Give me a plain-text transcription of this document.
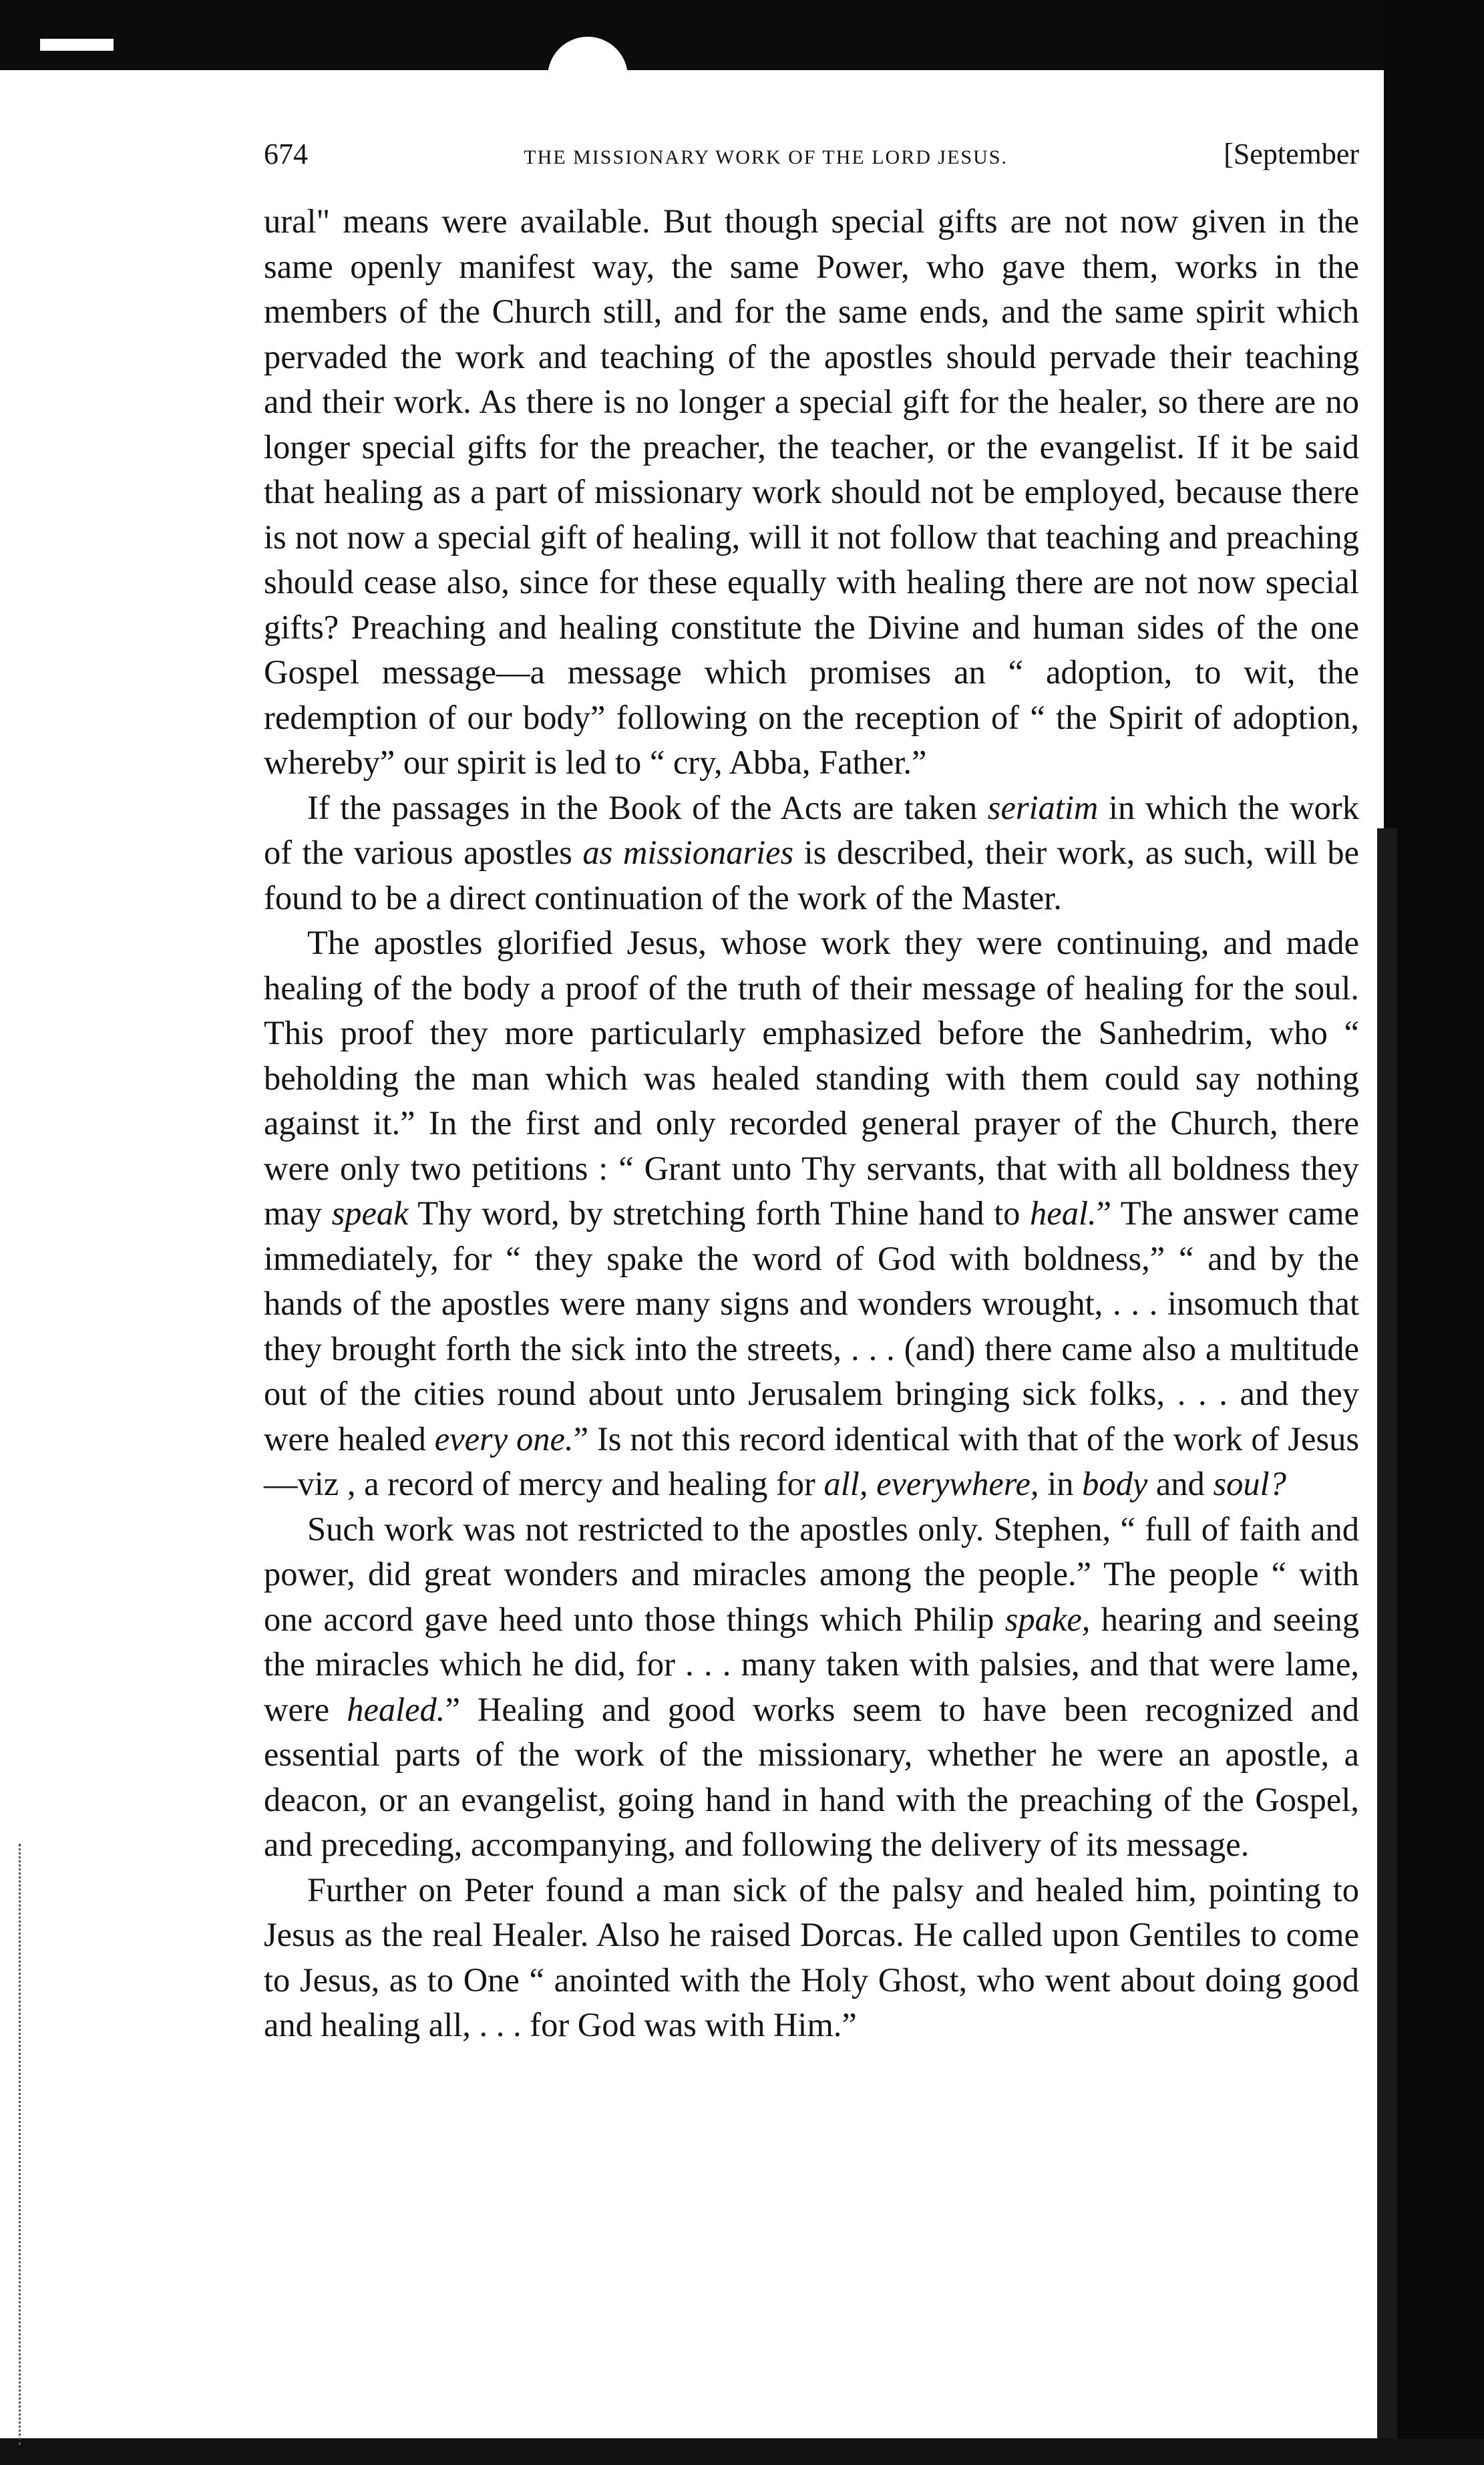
674	THE MISSIONARY WORK OF THE LORD JESUS.	[September

ural" means were available. But though special gifts are not now given in the same openly manifest way, the same Power, who gave them, works in the members of the Church still, and for the same ends, and the same spirit which pervaded the work and teaching of the apostles should pervade their teaching and their work. As there is no longer a special gift for the healer, so there are no longer special gifts for the preacher, the teacher, or the evangelist. If it be said that healing as a part of missionary work should not be employed, because there is not now a special gift of healing, will it not follow that teaching and preaching should cease also, since for these equally with healing there are not now special gifts? Preaching and healing constitute the Divine and human sides of the one Gospel message—a message which promises an “ adoption, to wit, the redemption of our body” following on the reception of “ the Spirit of adoption, whereby” our spirit is led to “ cry, Abba, Father.”

If the passages in the Book of the Acts are taken seriatim in which the work of the various apostles as missionaries is described, their work, as such, will be found to be a direct continuation of the work of the Master.

The apostles glorified Jesus, whose work they were continuing, and made healing of the body a proof of the truth of their message of healing for the soul. This proof they more particularly emphasized before the Sanhedrim, who “ beholding the man which was healed standing with them could say nothing against it.” In the first and only recorded general prayer of the Church, there were only two petitions : “ Grant unto Thy servants, that with all boldness they may speak Thy word, by stretching forth Thine hand to heal.” The answer came immediately, for “ they spake the word of God with boldness,” “ and by the hands of the apostles were many signs and wonders wrought, . . . insomuch that they brought forth the sick into the streets, . . . (and) there came also a multitude out of the cities round about unto Jerusalem bringing sick folks, . . . and they were healed every one.” Is not this record identical with that of the work of Jesus—viz , a record of mercy and healing for all, everywhere, in body and soul?

Such work was not restricted to the apostles only. Stephen, “ full of faith and power, did great wonders and miracles among the people.” The people “ with one accord gave heed unto those things which Philip spake, hearing and seeing the miracles which he did, for . . . many taken with palsies, and that were lame, were healed.” Healing and good works seem to have been recognized and essential parts of the work of the missionary, whether he were an apostle, a deacon, or an evangelist, going hand in hand with the preaching of the Gospel, and preceding, accompanying, and following the delivery of its message.

Further on Peter found a man sick of the palsy and healed him, pointing to Jesus as the real Healer. Also he raised Dorcas. He called upon Gentiles to come to Jesus, as to One “ anointed with the Holy Ghost, who went about doing good and healing all, . . . for God was with Him.”
